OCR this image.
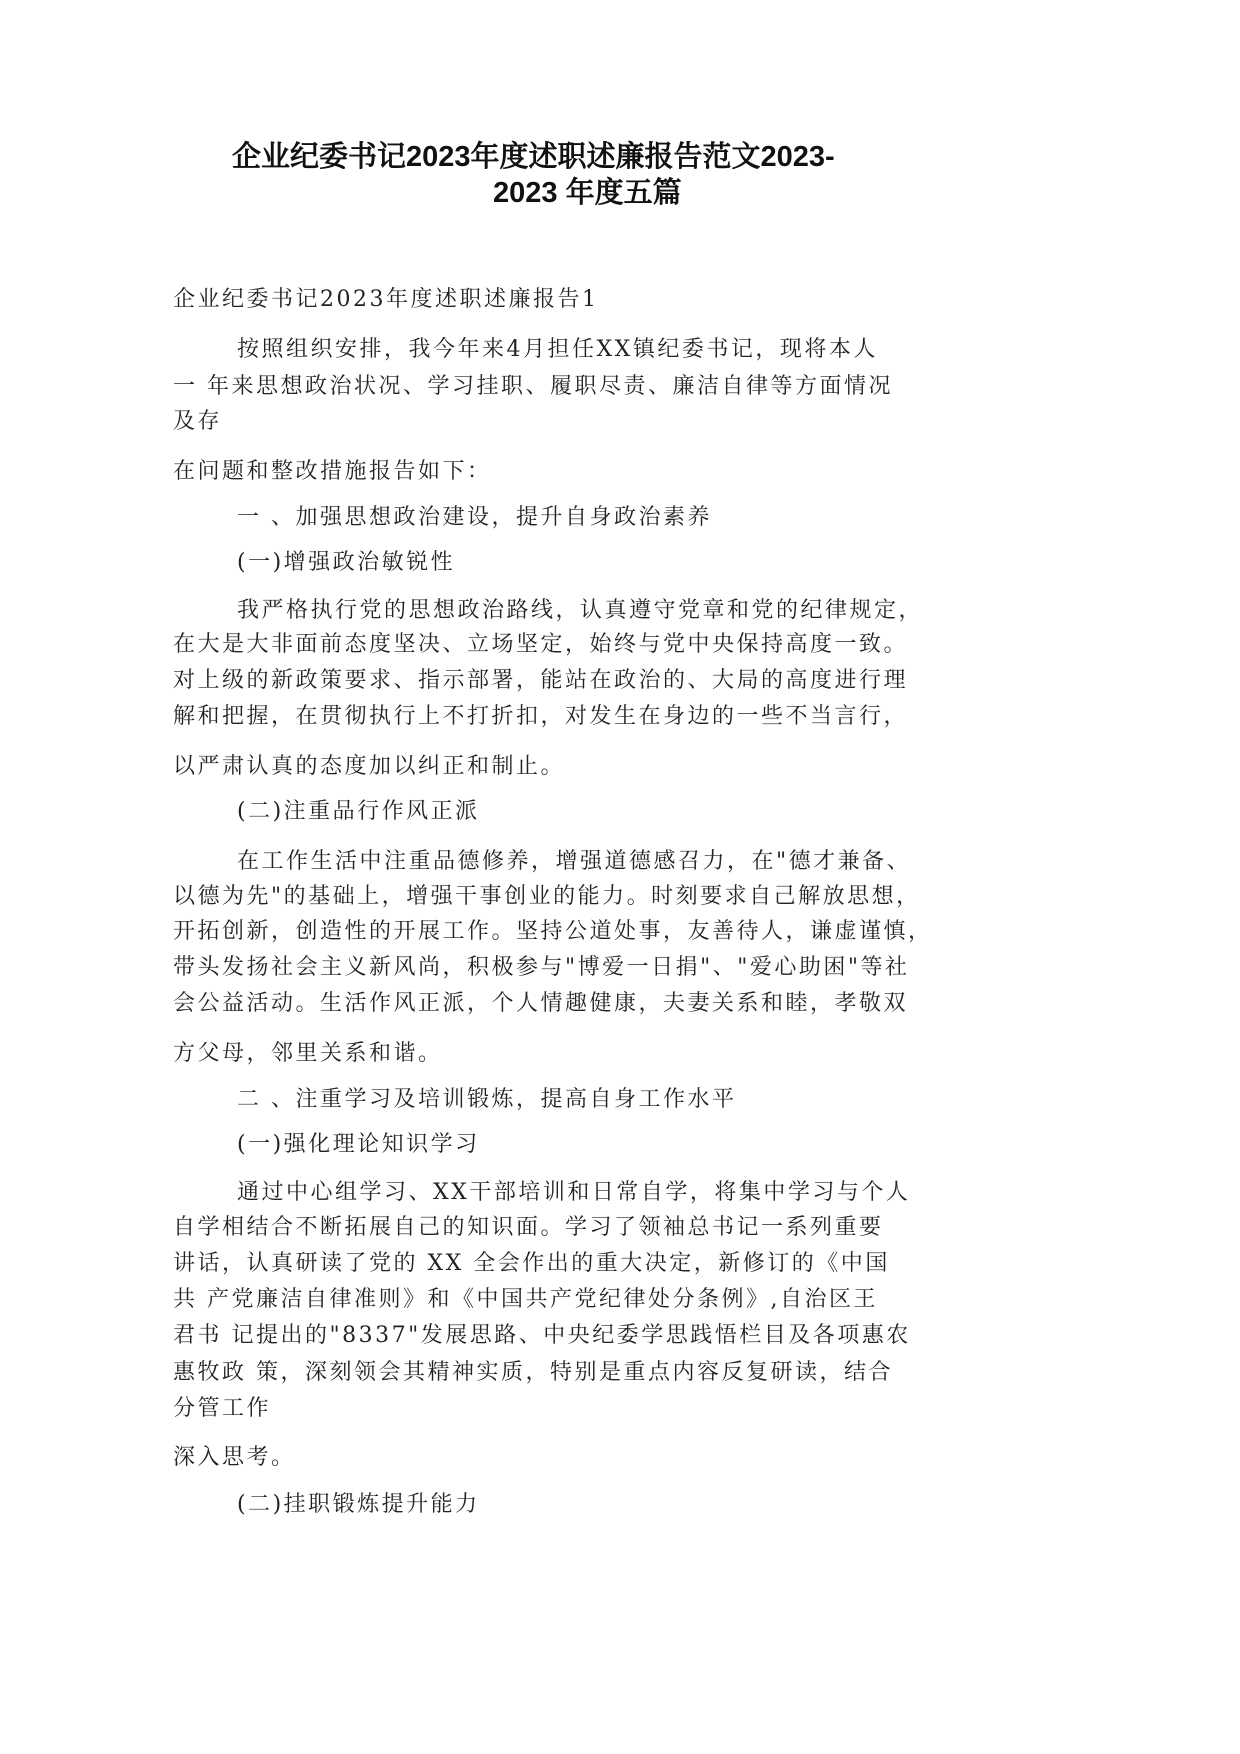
企业纪委书记2023年度述职述廉报告范文2023-
2023 年度五篇
企业纪委书记2023年度述职述廉报告1
按照组织安排，我今年来4月担任XX镇纪委书记，现将本人
一 年来思想政治状况、学习挂职、履职尽责、廉洁自律等方面情况
及存
在问题和整改措施报告如下：
一 、加强思想政治建设，提升自身政治素养
(一)增强政治敏锐性
我严格执行党的思想政治路线，认真遵守党章和党的纪律规定，
在大是大非面前态度坚决、立场坚定，始终与党中央保持高度一致。
对上级的新政策要求、指示部署，能站在政治的、大局的高度进行理
解和把握，在贯彻执行上不打折扣，对发生在身边的一些不当言行，
以严肃认真的态度加以纠正和制止。
(二)注重品行作风正派
在工作生活中注重品德修养，增强道德感召力，在"德才兼备、
以德为先"的基础上，增强干事创业的能力。时刻要求自己解放思想，
开拓创新，创造性的开展工作。坚持公道处事，友善待人，谦虚谨慎，
带头发扬社会主义新风尚，积极参与"博爱一日捐"、"爱心助困"等社
会公益活动。生活作风正派，个人情趣健康，夫妻关系和睦，孝敬双
方父母，邻里关系和谐。
二 、注重学习及培训锻炼，提高自身工作水平
(一)强化理论知识学习
通过中心组学习、XX干部培训和日常自学，将集中学习与个人
自学相结合不断拓展自己的知识面。学习了领袖总书记一系列重要
讲话，认真研读了党的 XX 全会作出的重大决定，新修订的《中国
共 产党廉洁自律准则》和《中国共产党纪律处分条例》,自治区王
君书 记提出的"8337"发展思路、中央纪委学思践悟栏目及各项惠农
惠牧政 策，深刻领会其精神实质，特别是重点内容反复研读，结合
分管工作
深入思考。
(二)挂职锻炼提升能力
